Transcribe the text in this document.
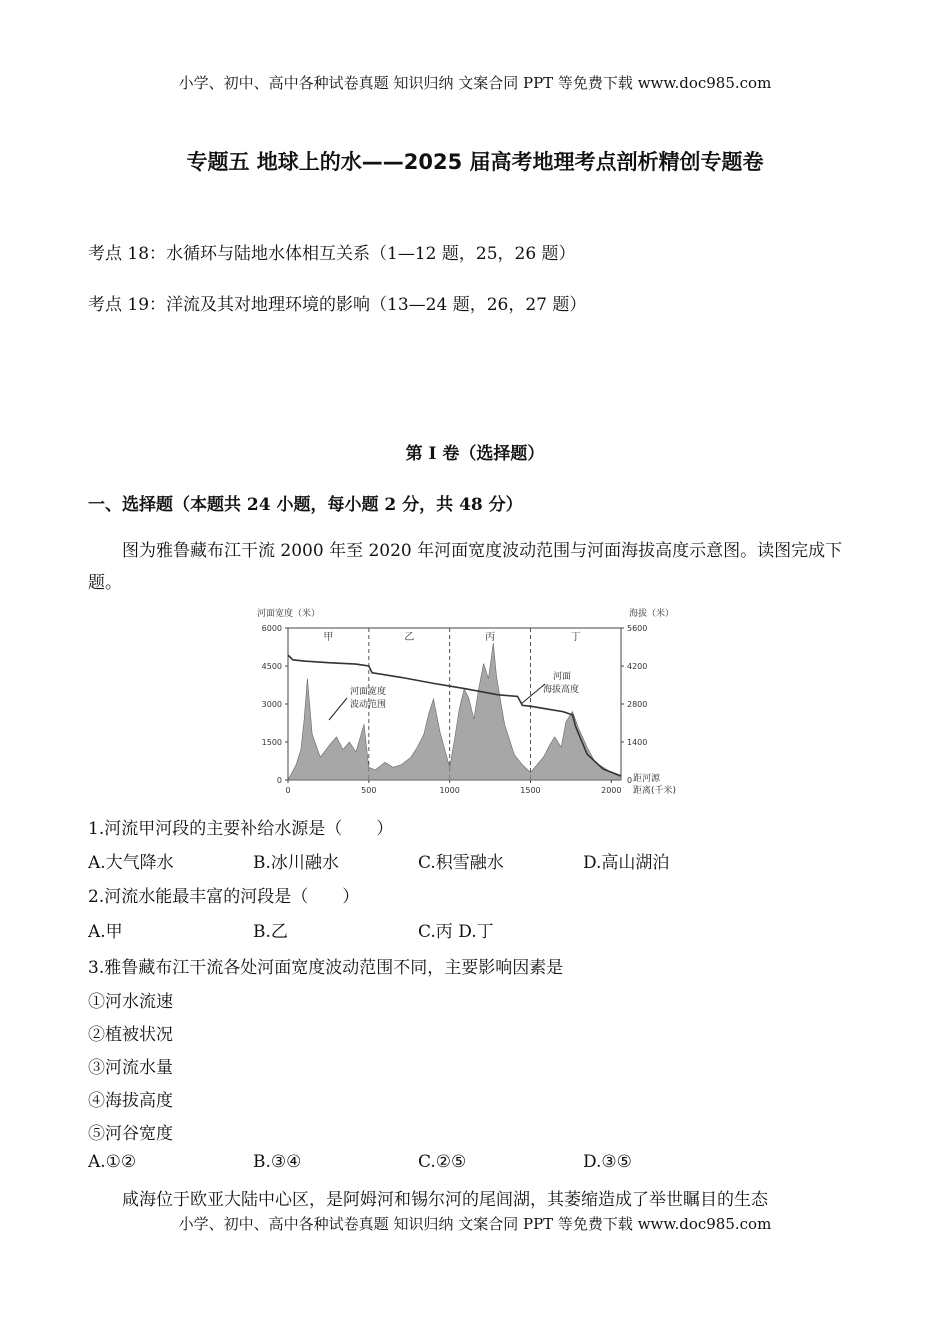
小学、初中、高中各种试卷真题 知识归纳 文案合同 PPT 等免费下载 www.doc985.com
专题五 地球上的水——2025 届高考地理考点剖析精创专题卷
考点 18：水循环与陆地水体相互关系（1—12 题，25，26 题）
考点 19：洋流及其对地理环境的影响（13—24 题，26，27 题）
第 I 卷（选择题）
一、选择题（本题共 24 小题，每小题 2 分，共 48 分）
图为雅鲁藏布江干流 2000 年至 2020 年河面宽度波动范围与河面海拔高度示意图。读图完成下题。
河面宽度（米）	海拔（米）
距河源
距离(千米)
0
1500
3000
4500
6000
1400
2800
4200
5600
0
0	500	1000	1500	2000
甲	乙	丙	丁
河面宽度
波动范围
河面
海拔高度
1.河流甲河段的主要补给水源是（　　）
A.大气降水	B.冰川融水	C.积雪融水	D.高山湖泊
2.河流水能最丰富的河段是（　　）
A.甲	B.乙	C.丙 D.丁
3.雅鲁藏布江干流各处河面宽度波动范围不同，主要影响因素是
①河水流速
②植被状况
③河流水量
④海拔高度
⑤河谷宽度
A.①②	B.③④	C.②⑤	D.③⑤
咸海位于欧亚大陆中心区，是阿姆河和锡尔河的尾闾湖，其萎缩造成了举世瞩目的生态
小学、初中、高中各种试卷真题 知识归纳 文案合同 PPT 等免费下载 www.doc985.com
